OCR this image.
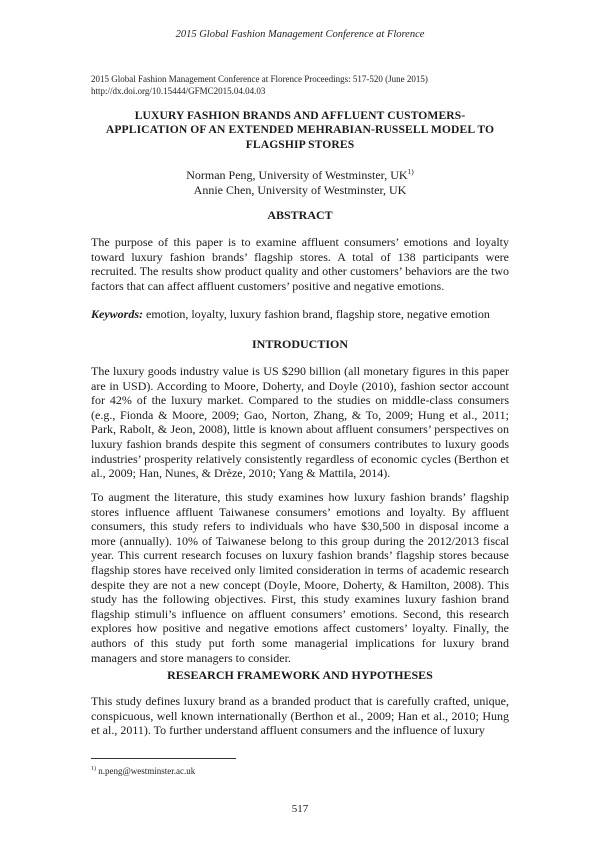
2015 Global Fashion Management Conference at Florence
2015 Global Fashion Management Conference at Florence Proceedings: 517-520 (June 2015)
http://dx.doi.org/10.15444/GFMC2015.04.04.03
LUXURY FASHION BRANDS AND AFFLUENT CUSTOMERS-
APPLICATION OF AN EXTENDED MEHRABIAN-RUSSELL MODEL TO
FLAGSHIP STORES
Norman Peng, University of Westminster, UK$^{1)}$
Annie Chen, University of Westminster, UK
ABSTRACT
The purpose of this paper is to examine affluent consumers’ emotions and loyalty toward luxury fashion brands’ flagship stores. A total of 138 participants were recruited. The results show product quality and other customers’ behaviors are the two factors that can affect affluent customers’ positive and negative emotions.
Keywords: emotion, loyalty, luxury fashion brand, flagship store, negative emotion
INTRODUCTION
The luxury goods industry value is US $290 billion (all monetary figures in this paper are in USD). According to Moore, Doherty, and Doyle (2010), fashion sector account for 42% of the luxury market. Compared to the studies on middle-class consumers (e.g., Fionda & Moore, 2009; Gao, Norton, Zhang, & To, 2009; Hung et al., 2011; Park, Rabolt, & Jeon, 2008), little is known about affluent consumers’ perspectives on luxury fashion brands despite this segment of consumers contributes to luxury goods industries’ prosperity relatively consistently regardless of economic cycles (Berthon et al., 2009; Han, Nunes, & Drèze, 2010; Yang & Mattila, 2014).
To augment the literature, this study examines how luxury fashion brands’ flagship stores influence affluent Taiwanese consumers’ emotions and loyalty. By affluent consumers, this study refers to individuals who have $30,500 in disposal income a more (annually). 10% of Taiwanese belong to this group during the 2012/2013 fiscal year. This current research focuses on luxury fashion brands’ flagship stores because flagship stores have received only limited consideration in terms of academic research despite they are not a new concept (Doyle, Moore, Doherty, & Hamilton, 2008). This study has the following objectives. First, this study examines luxury fashion brand flagship stimuli’s influence on affluent consumers’ emotions. Second, this research explores how positive and negative emotions affect customers’ loyalty. Finally, the authors of this study put forth some managerial implications for luxury brand managers and store managers to consider.
RESEARCH FRAMEWORK AND HYPOTHESES
This study defines luxury brand as a branded product that is carefully crafted, unique, conspicuous, well known internationally (Berthon et al., 2009; Han et al., 2010; Hung et al., 2011). To further understand affluent consumers and the influence of luxury
$^{1)}$ n.peng@westminster.ac.uk
517
